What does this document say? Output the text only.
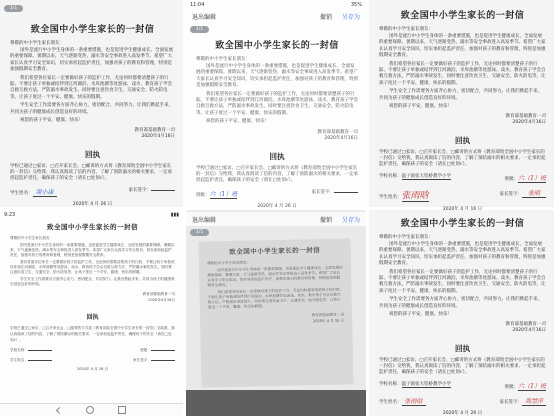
1/1
致全国中小学生家长的一封信
尊敬的中小学生家长朋友：

国外是流行中小学生身体的一条重要措施，也是促进学生健康成长、全面发展的重要保障。暑期以来，天气逐渐变热，溺水等安全事故进入高发季节。希望广大家长认真学习安全知识，切实承担起监护责任，加强对孩子的教育和管理，特别是加强假期安全教育。

我们希望各位家长一定要做好孩子的监护工作，无论何时都要清楚孩子的行踪，不要让孩子单独或结伴到江河湖泊、水库池塘等处游泳、戏水，教育孩子学会自救互救方法，严防溺水事故发生。同时要注意饮食卫生、交通安全、防火防电等，让孩子度过一个平安、健康、快乐的假期。

学生安全工作需要各方面齐心协力，密切配合，共同努力。让我们携起手来，共同为孩子的健康成长创造良好的环境。

祝您的孩子平安、健康、快乐！

教育部基础教育一司
2020年4月16日
回执
学校已通过□家访、□召开家长会、□邮寄的方式将《教育部致全国中小学生家长的一封信》交给我，我认真阅读了信的内容，了解了预防溺水的相关要求，一定承担起监护责任，确保孩子的安全（请在□处划√）。
学生姓名： 周小康	家长签字：
2020年 4 月 26 日
11:04	35%
退出编辑	撤销 另存为
1/1
致全国中小学生家长的一封信
尊敬的中小学生家长朋友：

国外是流行中小学生身体的一条重要措施，也是促进学生健康成长、全面发展的重要保障。暑期以来，天气逐渐变热，溺水等安全事故进入高发季节。希望广大家长认真学习安全知识，切实承担起监护责任，加强对孩子的教育和管理，特别是加强假期安全教育。

我们希望各位家长一定要做好孩子的监护工作，无论何时都要清楚孩子的行踪，不要让孩子单独或结伴到江河湖泊、水库池塘等处游泳、戏水，教育孩子学会自救互救方法，严防溺水事故发生。同时要注意饮食卫生、交通安全、防火防电等，让孩子度过一个平安、健康、快乐的假期。

祝您的孩子平安、健康、快乐！

教育部基础教育一司
2020年4月16日
回执
学校已通过□家访、□召开家长会、□邮寄的方式将《教育部致全国中小学生家长的一封信》交给我，我认真阅读了信的内容，了解了预防溺水的相关要求，一定承担起监护责任，确保孩子的安全（请在□处划√）。
班级：六（1）班	家长签字：
2020年 4 月 26 日
致全国中小学生家长的一封信
尊敬的中小学生家长朋友：

国外是流行中小学生身体的一条重要措施，也是促进学生健康成长、全面发展的重要保障。暑期以来，天气逐渐变热，溺水等安全事故进入高发季节。希望广大家长认真学习安全知识，切实承担起监护责任，加强对孩子的教育和管理，特别是加强假期安全教育。

我们希望各位家长一定要做好孩子的监护工作，无论何时都要清楚孩子的行踪，不要让孩子单独或结伴到江河湖泊、水库池塘等处游泳、戏水，教育孩子学会自救互救方法，严防溺水事故发生。同时要注意饮食卫生、交通安全、防火防电等，让孩子度过一个平安、健康、快乐的假期。

学生安全工作需要各方面齐心协力，密切配合，共同努力。让我们携起手来，共同为孩子的健康成长创造良好的环境。

祝您的孩子平安、健康、快乐！

教育部基础教育一司
2020年4月16日
回执
学校已通过□家访、□召开家长会、□邮寄的方式将《教育部致全国中小学生家长的一封信》交给我，我认真阅读了信的内容，了解了预防溺水的相关要求，一定承担起监护责任，确保孩子的安全（请在□处划√）。
学校名称：温子镇张大铝桥教学小学
班级：六（1）班
学生姓名：张雨晗	家长签字： 张明
9:23	▮▮▮
致全国中小学生家长的一封信
尊敬的中小学生家长朋友：

国外是流行中小学生身体的一条重要措施，也是促进学生健康成长、全面发展的重要保障。暑期以来，天气逐渐变热，溺水等安全事故进入高发季节。希望广大家长认真学习安全知识，切实承担起监护责任，加强对孩子的教育和管理，特别是加强假期安全教育。

我们希望各位家长一定要做好孩子的监护工作，无论何时都要清楚孩子的行踪，不要让孩子单独或结伴到江河湖泊、水库池塘等处游泳、戏水，教育孩子学会自救互救方法，严防溺水事故发生。同时要注意饮食卫生、交通安全、防火防电等，让孩子度过一个平安、健康、快乐的假期。

学生安全工作需要各方面齐心协力，密切配合，共同努力。让我们携起手来，共同为孩子的健康成长创造良好的环境。

教育部基础教育一司
2020年4月16日
回执
学校已通过□家访、□召开家长会、□邮寄的方式将《教育部致全国中小学生家长的一封信》交给我，我认真阅读了信的内容，了解了预防溺水的相关要求，一定承担起监护责任，确保孩子的安全（请在□处划√）。
学校名称：	班级：
学生姓名：	家长签字：
2020年 4 月 26 日
退出编辑	撤销 另存为
1/1
致全国中小学生家长的一封信
尊敬的中小学生家长朋友：

国外是流行中小学生身体的一条重要措施，也是促进学生健康成长、全面发展的重要保障。暑期以来，天气逐渐变热，溺水等安全事故进入高发季节。希望广大家长认真学习安全知识，切实承担起监护责任，加强对孩子的教育和管理，特别是加强假期安全教育。

我们希望各位家长一定要做好孩子的监护工作，无论何时都要清楚孩子的行踪，不要让孩子单独或结伴到江河湖泊、水库池塘等处游泳、戏水，教育孩子学会自救互救方法，严防溺水事故发生。同时要注意饮食卫生、交通安全、防火防电等，让孩子度过一个平安、健康、快乐的假期。

教育部基础教育一司
2020年 4 月 16 日
致全国中小学生家长的一封信
尊敬的中小学生家长朋友：

国外是流行中小学生身体的一条重要措施，也是促进学生健康成长、全面发展的重要保障。暑期以来，天气逐渐变热，溺水等安全事故进入高发季节。希望广大家长认真学习安全知识，切实承担起监护责任，加强对孩子的教育和管理，特别是加强假期安全教育。

我们希望各位家长一定要做好孩子的监护工作，无论何时都要清楚孩子的行踪，不要让孩子单独或结伴到江河湖泊、水库池塘等处游泳、戏水，教育孩子学会自救互救方法，严防溺水事故发生。同时要注意饮食卫生、交通安全、防火防电等，让孩子度过一个平安、健康、快乐的假期。

学生安全工作需要各方面齐心协力，密切配合，共同努力。让我们携起手来，共同为孩子的健康成长创造良好的环境。

祝您的孩子平安、健康、快乐！

教育部基础教育一司
2020年4月16日
回执
学校已通过□家访、□召开家长会、□邮寄的方式将《教育部致全国中小学生家长的一封信》交给我，我认真阅读了信的内容，了解了预防溺水的相关要求，一定承担起监护责任，确保孩子的安全（请在□处划√）。
学校名称：温子镇张大铝桥教学小学
班级：六（1）班
学生姓名： 张雨晗	家长签字： 周慧萍
2020年 4 月 26 日
